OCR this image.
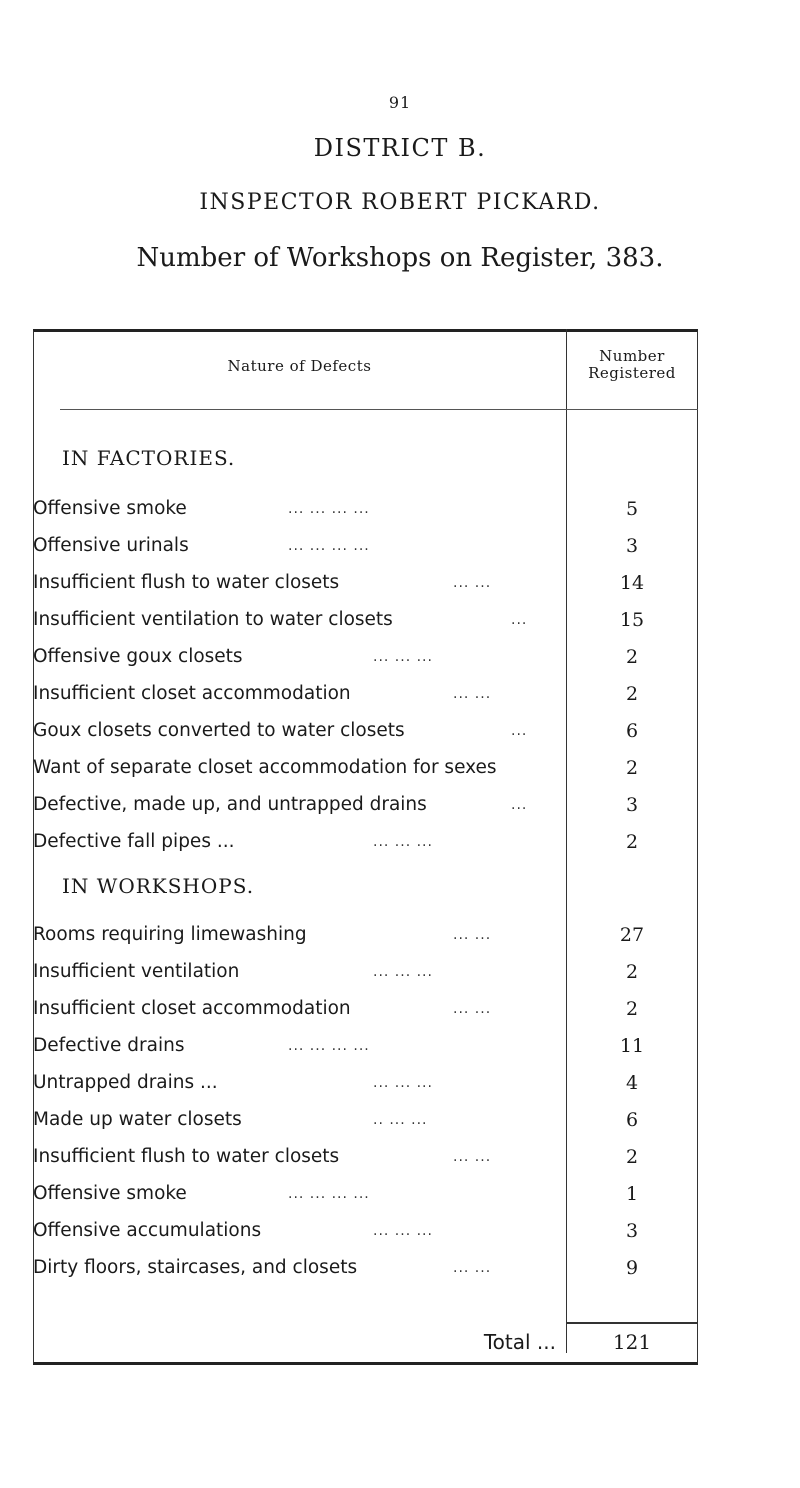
91
DISTRICT B.
INSPECTOR ROBERT PICKARD.
Number of Workshops on Register, 383.
Nature of Defects
Number
Registered
IN FACTORIES.
Offensive smoke	... ... ... ...	5
Offensive urinals	... ... ... ...	3
Insufficient flush to water closets	... ...	14
Insufficient ventilation to water closets	...	15
Offensive goux closets	... ... ...	2
Insufficient closet accommodation	... ...	2
Goux closets converted to water closets	...	6
Want of separate closet accommodation for sexes	2
Defective, made up, and untrapped drains	...	3
Defective fall pipes ...	... ... ...	2
IN WORKSHOPS.
Rooms requiring limewashing	... ...	27
Insufficient ventilation	... ... ...	2
Insufficient closet accommodation	... ...	2
Defective drains	... ... ... ...	11
Untrapped drains ...	... ... ...	4
Made up water closets	.. ... ...	6
Insufficient flush to water closets	... ...	2
Offensive smoke	... ... ... ...	1
Offensive accumulations	... ... ...	3
Dirty floors, staircases, and closets	... ...	9
Total ...	121
